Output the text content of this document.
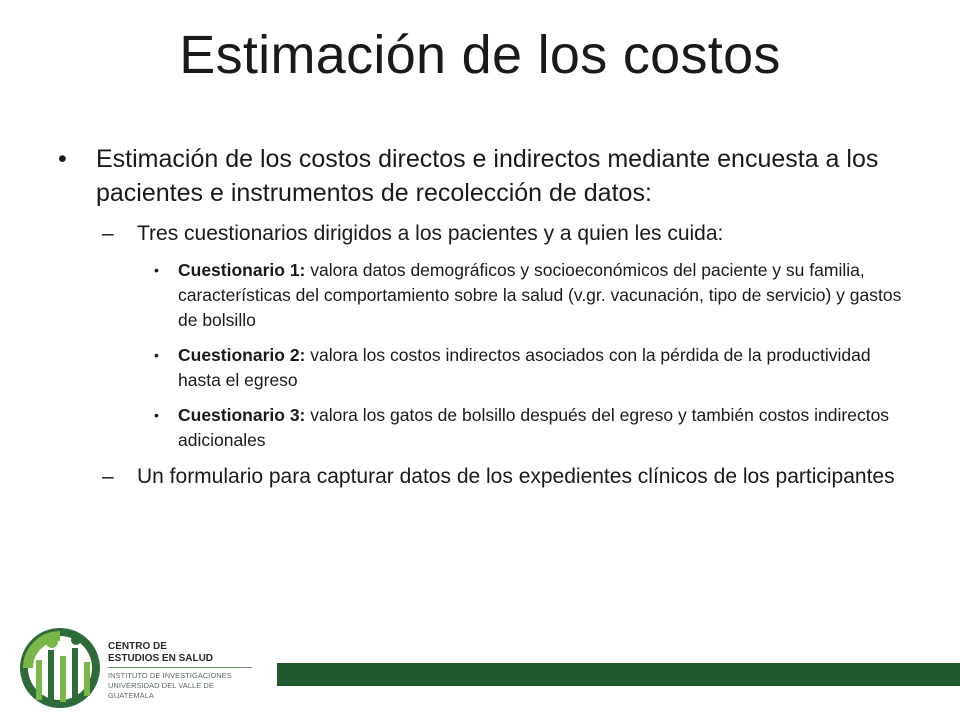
Estimación de los costos
• Estimación de los costos directos e indirectos mediante encuesta a los pacientes e instrumentos de recolección de datos:
– Tres cuestionarios dirigidos a los pacientes y a quien les cuida:
• Cuestionario 1: valora datos demográficos y socioeconómicos del paciente y su familia, características del comportamiento sobre la salud (v.gr. vacunación, tipo de servicio) y gastos de bolsillo
• Cuestionario 2: valora los costos indirectos asociados con la pérdida de la productividad hasta el egreso
• Cuestionario 3: valora los gatos de bolsillo después del egreso y también costos indirectos adicionales
– Un formulario para capturar datos de los expedientes clínicos de los participantes
CENTRO DE
ESTUDIOS EN SALUD
INSTITUTO DE INVESTIGACIONES
UNIVERSIDAD DEL VALLE DE GUATEMALA
